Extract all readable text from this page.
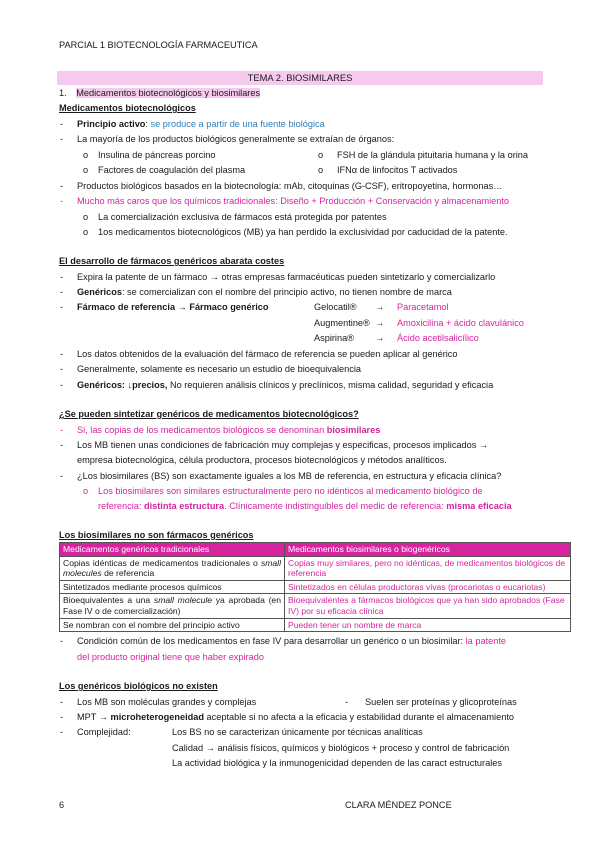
PARCIAL 1 BIOTECNOLOGÍA FARMACEUTICA
TEMA 2. BIOSIMILARES
1. Medicamentos biotecnológicos y biosimilares
Medicamentos biotecnológicos
- Principio activo: se produce a partir de una fuente biológica
- La mayoría de los productos biológicos generalmente se extraían de órganos:
o Insulina de páncreas porcino	o FSH de la glándula pituitaria humana y la orina
o Factores de coagulación del plasma	o IFNα de linfocitos T activados
- Productos biológicos basados en la biotecnología: mAb, citoquinas (G-CSF), eritropoyetina, hormonas…
- Mucho más caros que los químicos tradicionales: Diseño + Producción + Conservación y almacenamiento
o La comercialización exclusiva de fármacos está protegida por patentes
o 1os medicamentos biotecnológicos (MB) ya han perdido la exclusividad por caducidad de la patente.
El desarrollo de fármacos genéricos abarata costes
- Expira la patente de un fármaco → otras empresas farmacéuticas pueden sintetizarlo y comercializarlo
- Genéricos: se comercializan con el nombre del principio activo, no tienen nombre de marca
- Fármaco de referencia → Fármaco genérico	Gelocatil® → Paracetamol
Augmentine® → Amoxicilina + ácido clavulánico
Aspirina® → Ácido acetilsalicílico
- Los datos obtenidos de la evaluación del fármaco de referencia se pueden aplicar al genérico
- Generalmente, solamente es necesario un estudio de bioequivalencia
- Genéricos: ↓precios, No requieren análisis clínicos y preclínicos, misma calidad, seguridad y eficacia
¿Se pueden sintetizar genéricos de medicamentos biotecnológicos?
- Si, las copias de los medicamentos biológicos se denominan biosimilares
- Los MB tienen unas condiciones de fabricación muy complejas y especificas, procesos implicados →
empresa biotecnológica, célula productora, procesos biotecnológicos y métodos analíticos.
- ¿Los biosimilares (BS) son exactamente iguales a los MB de referencia, en estructura y eficacia clínica?
o Los biosimilares son similares estructuralmente pero no idénticos al medicamento biológico de
referencia: distinta estructura. Clínicamente indistinguibles del medic de referencia: misma eficacia
Los biosimilares no son fármacos genéricos
Medicamentos genéricos tradicionales	Medicamentos biosimilares o biogenéricos
Copias idénticas de medicamentos tradicionales o small molecules de referencia	Copias muy similares, pero no idénticas, de medicamentos biológicos de referencia
Sintetizados mediante procesos químicos	Sintetizados en células productoras vivas (procariotas o eucariotas)
Bioequivalentes a una small molecule ya aprobada (en Fase IV o de comercialización)	Bioequivalentes a fármacos biológicos que ya han sido aprobados (Fase IV) por su eficacia clínica
Se nombran con el nombre del principio activo	Pueden tener un nombre de marca
- Condición común de los medicamentos en fase IV para desarrollar un genérico o un biosimilar: la patente
del producto original tiene que haber expirado
Los genéricos biológicos no existen
- Los MB son moléculas grandes y complejas	- Suelen ser proteínas y glicoproteínas
- MPT → microheterogeneidad aceptable si no afecta a la eficacia y estabilidad durante el almacenamiento
- Complejidad:	Los BS no se caracterizan únicamente por técnicas analíticas
Calidad → análisis físicos, químicos y biológicos + proceso y control de fabricación
La actividad biológica y la inmunogenicidad dependen de las caract estructurales
6	CLARA MÉNDEZ PONCE
